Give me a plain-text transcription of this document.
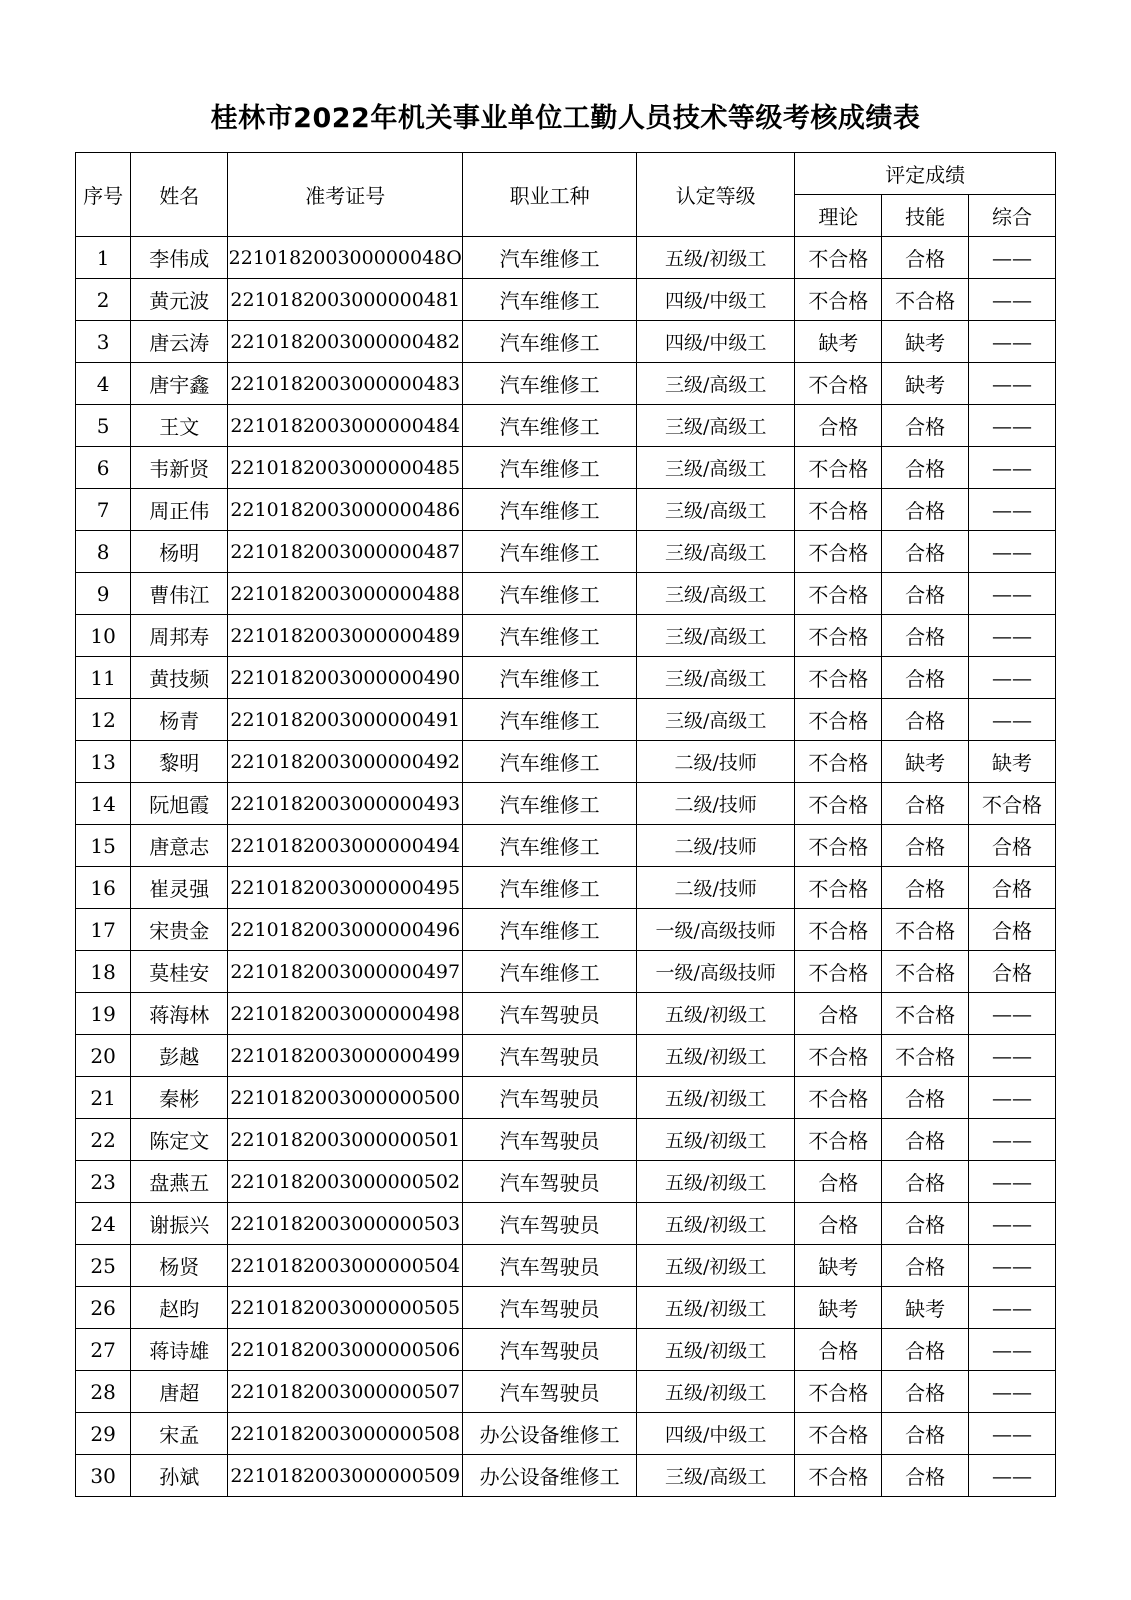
桂林市2022年机关事业单位工勤人员技术等级考核成绩表
序号	姓名	准考证号	职业工种	认定等级	评定成绩		
					理论	技能	综合
1	李伟成	221018200300000048O	汽车维修工	五级/初级工	不合格	合格	——
2	黄元波	2210182003000000481	汽车维修工	四级/中级工	不合格	不合格	——
3	唐云涛	2210182003000000482	汽车维修工	四级/中级工	缺考	缺考	——
4	唐宇鑫	2210182003000000483	汽车维修工	三级/高级工	不合格	缺考	——
5	王文	2210182003000000484	汽车维修工	三级/高级工	合格	合格	——
6	韦新贤	2210182003000000485	汽车维修工	三级/高级工	不合格	合格	——
7	周正伟	2210182003000000486	汽车维修工	三级/高级工	不合格	合格	——
8	杨明	2210182003000000487	汽车维修工	三级/高级工	不合格	合格	——
9	曹伟江	2210182003000000488	汽车维修工	三级/高级工	不合格	合格	——
10	周邦寿	2210182003000000489	汽车维修工	三级/高级工	不合格	合格	——
11	黄技频	2210182003000000490	汽车维修工	三级/高级工	不合格	合格	——
12	杨青	2210182003000000491	汽车维修工	三级/高级工	不合格	合格	——
13	黎明	2210182003000000492	汽车维修工	二级/技师	不合格	缺考	缺考
14	阮旭霞	2210182003000000493	汽车维修工	二级/技师	不合格	合格	不合格
15	唐意志	2210182003000000494	汽车维修工	二级/技师	不合格	合格	合格
16	崔灵强	2210182003000000495	汽车维修工	二级/技师	不合格	合格	合格
17	宋贵金	2210182003000000496	汽车维修工	一级/高级技师	不合格	不合格	合格
18	莫桂安	2210182003000000497	汽车维修工	一级/高级技师	不合格	不合格	合格
19	蒋海林	2210182003000000498	汽车驾驶员	五级/初级工	合格	不合格	——
20	彭越	2210182003000000499	汽车驾驶员	五级/初级工	不合格	不合格	——
21	秦彬	2210182003000000500	汽车驾驶员	五级/初级工	不合格	合格	——
22	陈定文	2210182003000000501	汽车驾驶员	五级/初级工	不合格	合格	——
23	盘燕五	2210182003000000502	汽车驾驶员	五级/初级工	合格	合格	——
24	谢振兴	2210182003000000503	汽车驾驶员	五级/初级工	合格	合格	——
25	杨贤	2210182003000000504	汽车驾驶员	五级/初级工	缺考	合格	——
26	赵昀	2210182003000000505	汽车驾驶员	五级/初级工	缺考	缺考	——
27	蒋诗雄	2210182003000000506	汽车驾驶员	五级/初级工	合格	合格	——
28	唐超	2210182003000000507	汽车驾驶员	五级/初级工	不合格	合格	——
29	宋孟	2210182003000000508	办公设备维修工	四级/中级工	不合格	合格	——
30	孙斌	2210182003000000509	办公设备维修工	三级/高级工	不合格	合格	——
